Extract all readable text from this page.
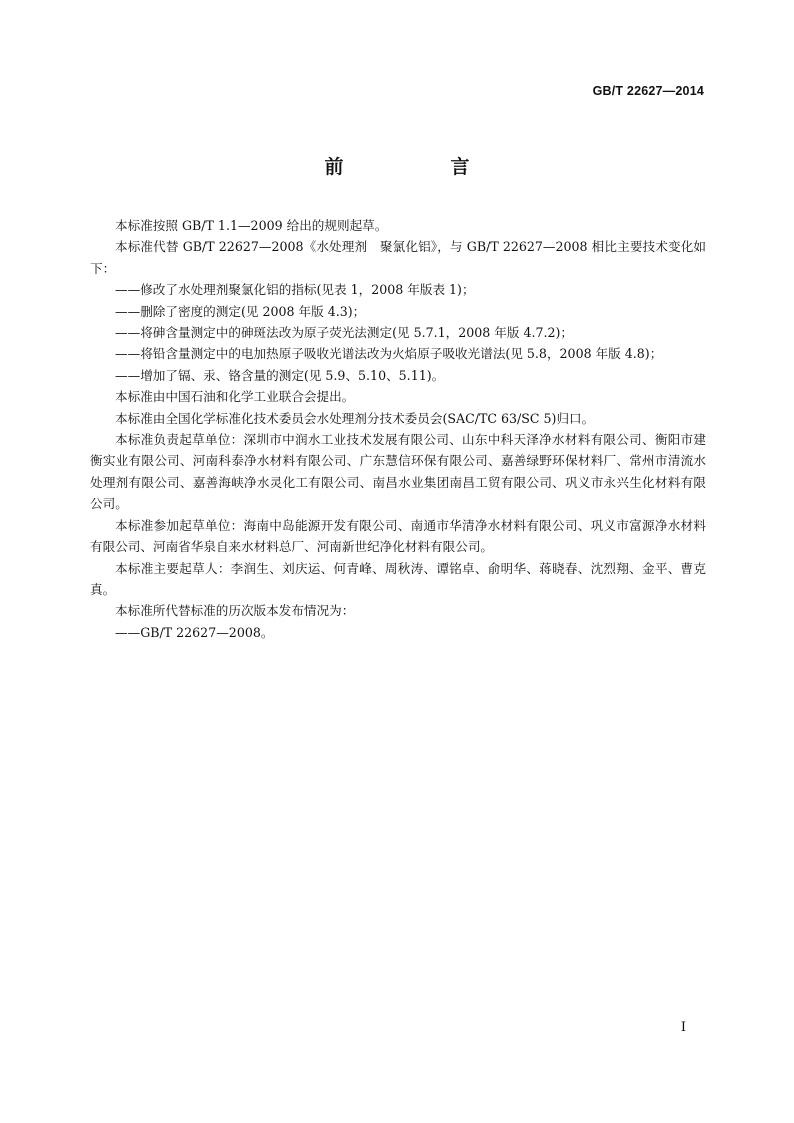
GB/T 22627—2014
前　言

本标准按照 GB/T 1.1—2009 给出的规则起草。

本标准代替 GB/T 22627—2008《水处理剂　聚氯化铝》，与 GB/T 22627—2008 相比主要技术变化如下：

——修改了水处理剂聚氯化铝的指标(见表 1，2008 年版表 1)；

——删除了密度的测定(见 2008 年版 4.3)；

——将砷含量测定中的砷斑法改为原子荧光法测定(见 5.7.1，2008 年版 4.7.2)；

——将铅含量测定中的电加热原子吸收光谱法改为火焰原子吸收光谱法(见 5.8，2008 年版 4.8)；

——增加了镉、汞、铬含量的测定(见 5.9、5.10、5.11)。

本标准由中国石油和化学工业联合会提出。

本标准由全国化学标准化技术委员会水处理剂分技术委员会(SAC/TC 63/SC 5)归口。

本标准负责起草单位：深圳市中润水工业技术发展有限公司、山东中科天泽净水材料有限公司、衡阳市建衡实业有限公司、河南科泰净水材料有限公司、广东慧信环保有限公司、嘉善绿野环保材料厂、常州市清流水处理剂有限公司、嘉善海峡净水灵化工有限公司、南昌水业集团南昌工贸有限公司、巩义市永兴生化材料有限公司。

本标准参加起草单位：海南中岛能源开发有限公司、南通市华清净水材料有限公司、巩义市富源净水材料有限公司、河南省华泉自来水材料总厂、河南新世纪净化材料有限公司。

本标准主要起草人：李润生、刘庆运、何青峰、周秋涛、谭铭卓、俞明华、蒋晓春、沈烈翔、金平、曹克真。

本标准所代替标准的历次版本发布情况为：

——GB/T 22627—2008。

I
